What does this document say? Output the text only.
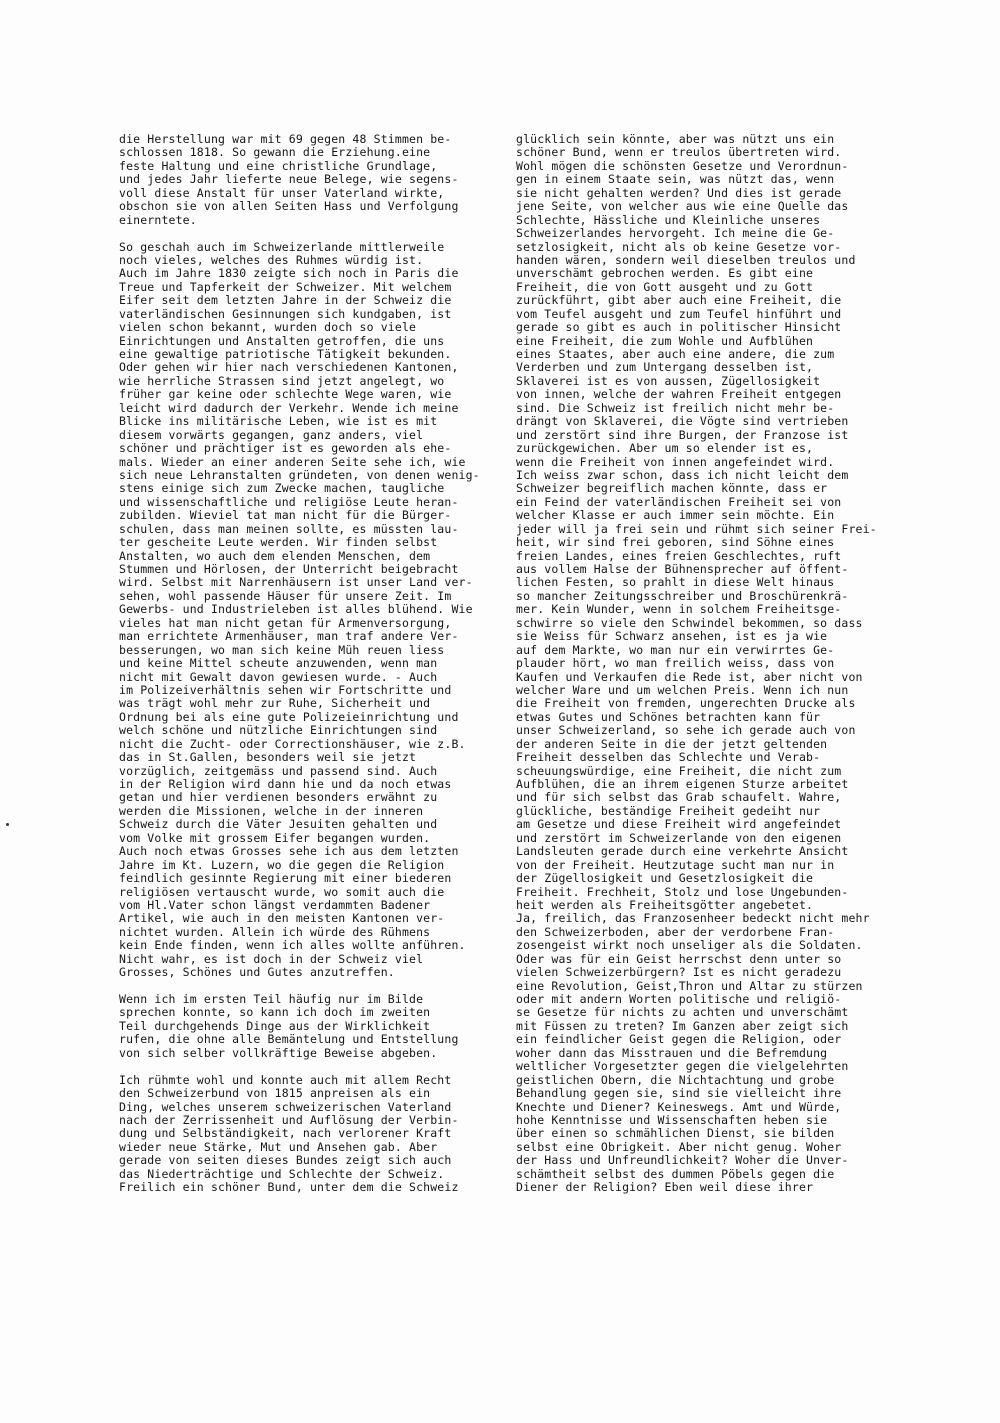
die Herstellung war mit 69 gegen 48 Stimmen be-
schlossen 1818. So gewann die Erziehung.eine
feste Haltung und eine christliche Grundlage,
und jedes Jahr lieferte neue Belege, wie segens-
voll diese Anstalt für unser Vaterland wirkte,
obschon sie von allen Seiten Hass und Verfolgung
einerntete.
So geschah auch im Schweizerlande mittlerweile
noch vieles, welches des Ruhmes würdig ist.
Auch im Jahre 1830 zeigte sich noch in Paris die
Treue und Tapferkeit der Schweizer. Mit welchem
Eifer seit dem letzten Jahre in der Schweiz die
vaterländischen Gesinnungen sich kundgaben, ist
vielen schon bekannt, wurden doch so viele
Einrichtungen und Anstalten getroffen, die uns
eine gewaltige patriotische Tätigkeit bekunden.
Oder gehen wir hier nach verschiedenen Kantonen,
wie herrliche Strassen sind jetzt angelegt, wo
früher gar keine oder schlechte Wege waren, wie
leicht wird dadurch der Verkehr. Wende ich meine
Blicke ins militärische Leben, wie ist es mit
diesem vorwärts gegangen, ganz anders, viel
schöner und prächtiger ist es geworden als ehe-
mals. Wieder an einer anderen Seite sehe ich, wie
sich neue Lehranstalten gründeten, von denen wenig-
stens einige sich zum Zwecke machen, taugliche
und wissenschaftliche und religiöse Leute heran-
zubilden. Wieviel tat man nicht für die Bürger-
schulen, dass man meinen sollte, es müssten lau-
ter gescheite Leute werden. Wir finden selbst
Anstalten, wo auch dem elenden Menschen, dem
Stummen und Hörlosen, der Unterricht beigebracht
wird. Selbst mit Narrenhäusern ist unser Land ver-
sehen, wohl passende Häuser für unsere Zeit. Im
Gewerbs- und Industrieleben ist alles blühend. Wie
vieles hat man nicht getan für Armenversorgung,
man errichtete Armenhäuser, man traf andere Ver-
besserungen, wo man sich keine Müh reuen liess
und keine Mittel scheute anzuwenden, wenn man
nicht mit Gewalt davon gewiesen wurde. - Auch
im Polizeiverhältnis sehen wir Fortschritte und
was trägt wohl mehr zur Ruhe, Sicherheit und
Ordnung bei als eine gute Polizeieinrichtung und
welch schöne und nützliche Einrichtungen sind
nicht die Zucht- oder Correctionshäuser, wie z.B.
das in St.Gallen, besonders weil sie jetzt
vorzüglich, zeitgemäss und passend sind. Auch
in der Religion wird dann hie und da noch etwas
getan und hier verdienen besonders erwähnt zu
werden die Missionen, welche in der inneren
Schweiz durch die Väter Jesuiten gehalten und
vom Volke mit grossem Eifer begangen wurden.
Auch noch etwas Grosses sehe ich aus dem letzten
Jahre im Kt. Luzern, wo die gegen die Religion
feindlich gesinnte Regierung mit einer biederen
religiösen vertauscht wurde, wo somit auch die
vom Hl.Vater schon längst verdammten Badener
Artikel, wie auch in den meisten Kantonen ver-
nichtet wurden. Allein ich würde des Rühmens
kein Ende finden, wenn ich alles wollte anführen.
Nicht wahr, es ist doch in der Schweiz viel
Grosses, Schönes und Gutes anzutreffen.
Wenn ich im ersten Teil häufig nur im Bilde
sprechen konnte, so kann ich doch im zweiten
Teil durchgehends Dinge aus der Wirklichkeit
rufen, die ohne alle Bemäntelung und Entstellung
von sich selber vollkräftige Beweise abgeben.
Ich rühmte wohl und konnte auch mit allem Recht
den Schweizerbund von 1815 anpreisen als ein
Ding, welches unserem schweizerischen Vaterland
nach der Zerrissenheit und Auflösung der Verbin-
dung und Selbständigkeit, nach verlorener Kraft
wieder neue Stärke, Mut und Ansehen gab. Aber
gerade von seiten dieses Bundes zeigt sich auch
das Niederträchtige und Schlechte der Schweiz.
Freilich ein schöner Bund, unter dem die Schweiz
glücklich sein könnte, aber was nützt uns ein
schöner Bund, wenn er treulos übertreten wird.
Wohl mögen die schönsten Gesetze und Verordnun-
gen in einem Staate sein, was nützt das, wenn
sie nicht gehalten werden? Und dies ist gerade
jene Seite, von welcher aus wie eine Quelle das
Schlechte, Hässliche und Kleinliche unseres
Schweizerlandes hervorgeht. Ich meine die Ge-
setzlosigkeit, nicht als ob keine Gesetze vor-
handen wären, sondern weil dieselben treulos und
unverschämt gebrochen werden. Es gibt eine
Freiheit, die von Gott ausgeht und zu Gott
zurückführt, gibt aber auch eine Freiheit, die
vom Teufel ausgeht und zum Teufel hinführt und
gerade so gibt es auch in politischer Hinsicht
eine Freiheit, die zum Wohle und Aufblühen
eines Staates, aber auch eine andere, die zum
Verderben und zum Untergang desselben ist,
Sklaverei ist es von aussen, Zügellosigkeit
von innen, welche der wahren Freiheit entgegen
sind. Die Schweiz ist freilich nicht mehr be-
drängt von Sklaverei, die Vögte sind vertrieben
und zerstört sind ihre Burgen, der Franzose ist
zurückgewichen. Aber um so elender ist es,
wenn die Freiheit von innen angefeindet wird.
Ich weiss zwar schon, dass ich nicht leicht dem
Schweizer begreiflich machen könnte, dass er
ein Feind der vaterländischen Freiheit sei von
welcher Klasse er auch immer sein möchte. Ein
jeder will ja frei sein und rühmt sich seiner Frei-
heit, wir sind frei geboren, sind Söhne eines
freien Landes, eines freien Geschlechtes, ruft
aus vollem Halse der Bühnensprecher auf öffent-
lichen Festen, so prahlt in diese Welt hinaus
so mancher Zeitungsschreiber und Broschürenkrä-
mer. Kein Wunder, wenn in solchem Freiheitsge-
schwirre so viele den Schwindel bekommen, so dass
sie Weiss für Schwarz ansehen, ist es ja wie
auf dem Markte, wo man nur ein verwirrtes Ge-
plauder hört, wo man freilich weiss, dass von
Kaufen und Verkaufen die Rede ist, aber nicht von
welcher Ware und um welchen Preis. Wenn ich nun
die Freiheit von fremden, ungerechten Drucke als
etwas Gutes und Schönes betrachten kann für
unser Schweizerland, so sehe ich gerade auch von
der anderen Seite in die der jetzt geltenden
Freiheit desselben das Schlechte und Verab-
scheuungswürdige, eine Freiheit, die nicht zum
Aufblühen, die an ihrem eigenen Sturze arbeitet
und für sich selbst das Grab schaufelt. Wahre,
glückliche, beständige Freiheit gedeiht nur
am Gesetze und diese Freiheit wird angefeindet
und zerstört im Schweizerlande von den eigenen
Landsleuten gerade durch eine verkehrte Ansicht
von der Freiheit. Heutzutage sucht man nur in
der Zügellosigkeit und Gesetzlosigkeit die
Freiheit. Frechheit, Stolz und lose Ungebunden-
heit werden als Freiheitsgötter angebetet.
Ja, freilich, das Franzosenheer bedeckt nicht mehr
den Schweizerboden, aber der verdorbene Fran-
zosengeist wirkt noch unseliger als die Soldaten.
Oder was für ein Geist herrschst denn unter so
vielen Schweizerbürgern? Ist es nicht geradezu
eine Revolution, Geist,Thron und Altar zu stürzen
oder mit andern Worten politische und religiö-
se Gesetze für nichts zu achten und unverschämt
mit Füssen zu treten? Im Ganzen aber zeigt sich
ein feindlicher Geist gegen die Religion, oder
woher dann das Misstrauen und die Befremdung
weltlicher Vorgesetzter gegen die vielgelehrten
geistlichen Obern, die Nichtachtung und grobe
Behandlung gegen sie, sind sie vielleicht ihre
Knechte und Diener? Keineswegs. Amt und Würde,
hohe Kenntnisse und Wissenschaften heben sie
über einen so schmählichen Dienst, sie bilden
selbst eine Obrigkeit. Aber nicht genug. Woher
der Hass und Unfreundlichkeit? Woher die Unver-
schämtheit selbst des dummen Pöbels gegen die
Diener der Religion? Eben weil diese ihrer
